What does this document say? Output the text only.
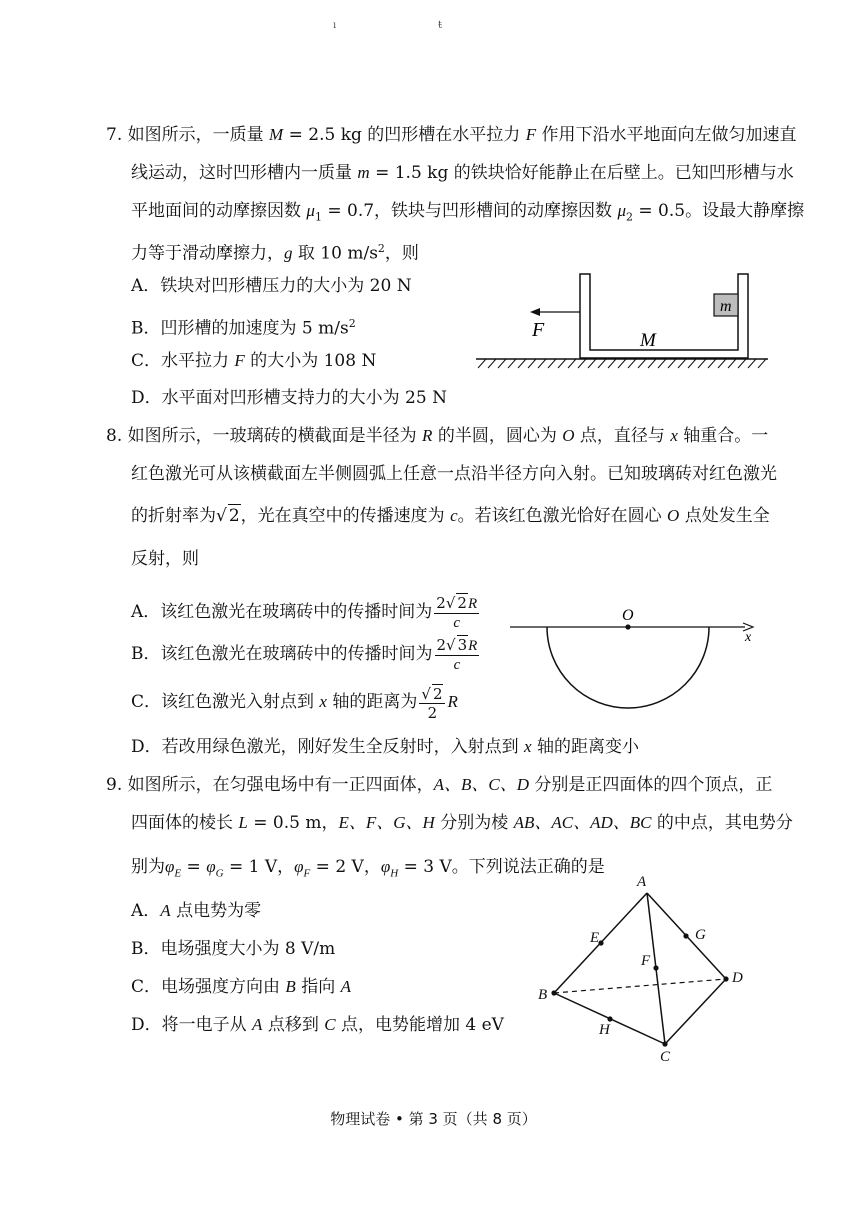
ı	ŧ
7. 如图所示，一质量 M = 2.5 kg 的凹形槽在水平拉力 F 作用下沿水平地面向左做匀加速直
线运动，这时凹形槽内一质量 m = 1.5 kg 的铁块恰好能静止在后壁上。已知凹形槽与水
平地面间的动摩擦因数 $\mu_1 = 0.7$，铁块与凹形槽间的动摩擦因数 $\mu_2 = 0.5$。设最大静摩擦
力等于滑动摩擦力，g 取 10 $m/s^2$，则
A．铁块对凹形槽压力的大小为 20 N
B．凹形槽的加速度为 5 $m/s^2$
C．水平拉力 F 的大小为 108 N
D．水平面对凹形槽支持力的大小为 25 N
m
F	M
8. 如图所示，一玻璃砖的横截面是半径为 R 的半圆，圆心为 O 点，直径与 x 轴重合。一
红色激光可从该横截面左半侧圆弧上任意一点沿半径方向入射。已知玻璃砖对红色激光
的折射率为√ 2，光在真空中的传播速度为 c。若该红色激光恰好在圆心 O 点处发生全
反射，则
A．该红色激光在玻璃砖中的传播时间为 $\frac{2√ 2R}{c}$
B．该红色激光在玻璃砖中的传播时间为 $\frac{2√ 3R}{c}$
C．该红色激光入射点到 x 轴的距离为 $\frac{√ 2}{2}$ R
D．若改用绿色激光，刚好发生全反射时，入射点到 x 轴的距离变小
O
x
9. 如图所示，在匀强电场中有一正四面体，A、B、C、D 分别是正四面体的四个顶点，正
四面体的棱长 L = 0.5 m，E、F、G、H 分别为棱 AB、AC、AD、BC 的中点，其电势分
别为$\varphi_E = \varphi_G = 1$ V，$\varphi_F = 2$ V，$\varphi_H = 3$ V。下列说法正确的是
A．A 点电势为零
B．电场强度大小为 8 V/m
C．电场强度方向由 B 指向 A
D．将一电子从 A 点移到 C 点，电势能增加 4 eV
A
B
C
D
E
F
G
H
物理试卷 • 第 3 页（共 8 页）
